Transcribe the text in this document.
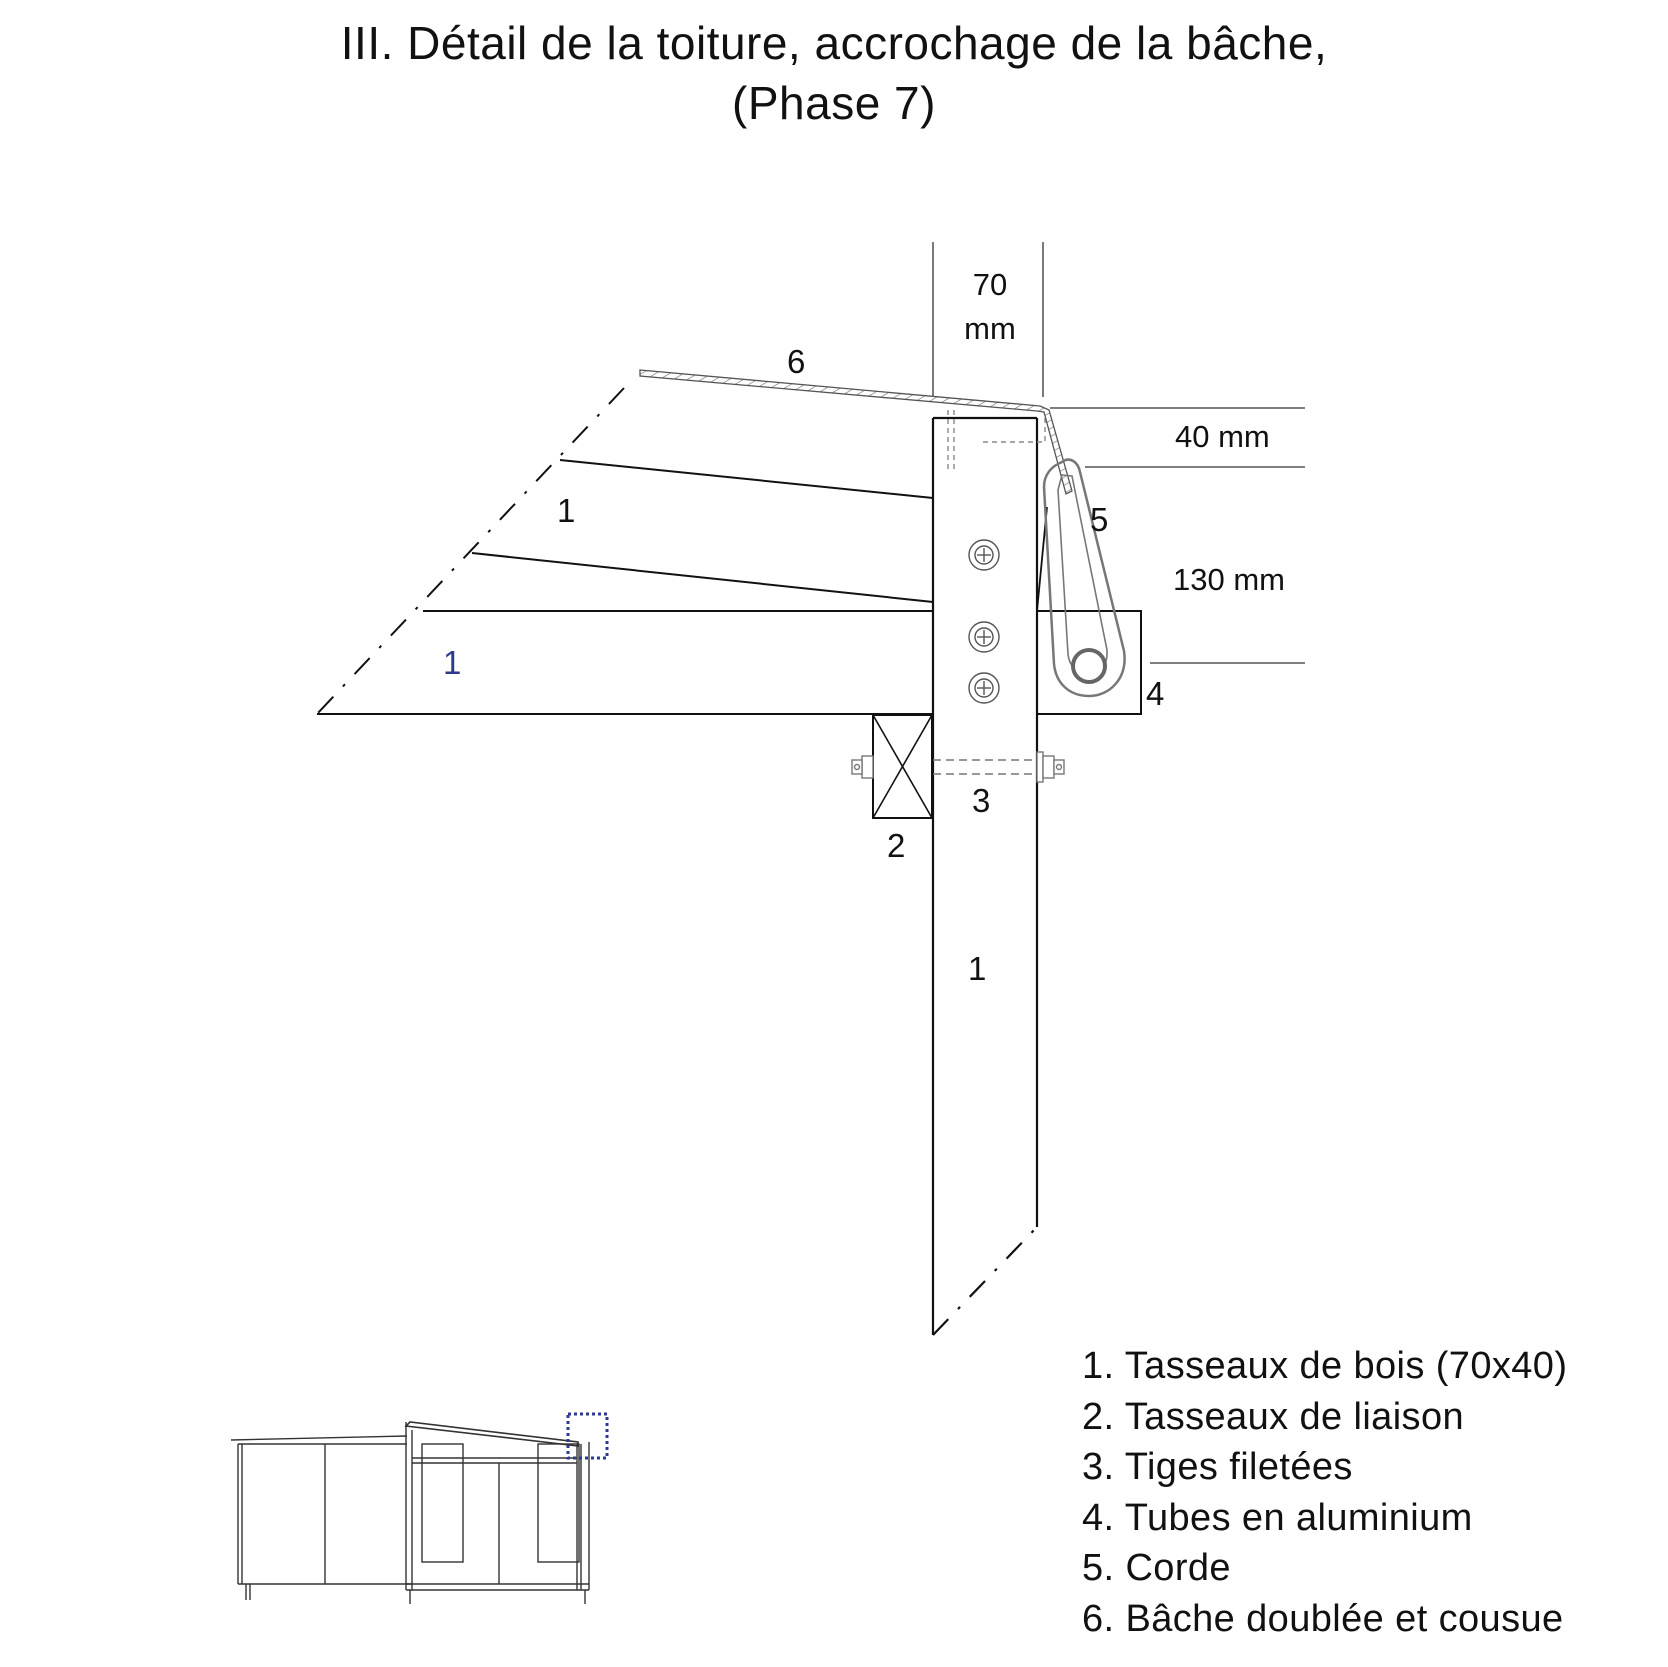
III. Détail de la toiture, accrochage de la bâche,
(Phase 7)
70
mm
40 mm
130 mm
6
1
1
5
4
3
2
1
1. Tasseaux de bois (70x40)
2. Tasseaux de liaison
3. Tiges filetées
4. Tubes en aluminium
5. Corde
6. Bâche doublée et cousue
